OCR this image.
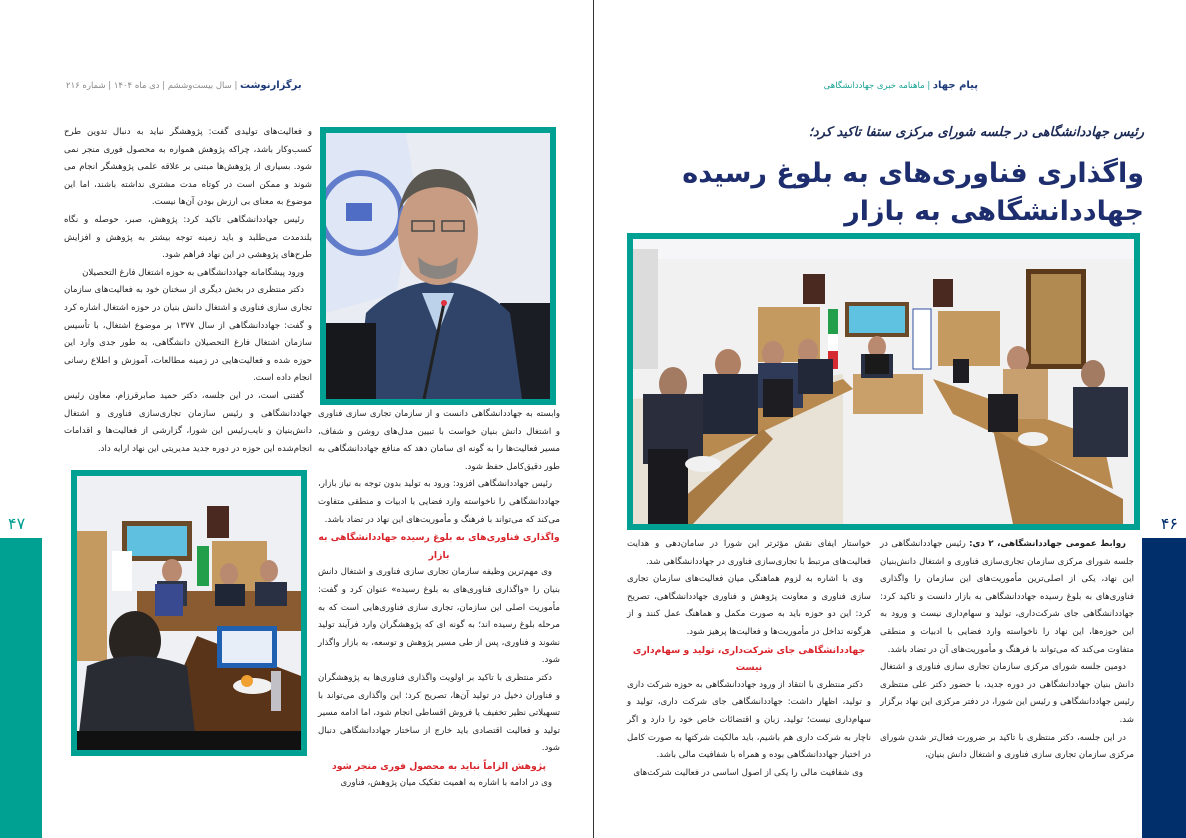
برگزارنوشت | سال بیست‌وششم | دی ماه ۱۴۰۴ | شماره ۲۱۶

و فعالیت‌های تولیدی گفت: پژوهشگر نباید به دنبال تدوین طرح کسب‌وکار باشد، چراکه پژوهش همواره به محصول فوری منجر نمی شود. بسیاری از پژوهش‌ها مبتنی بر علاقه علمی پژوهشگر انجام می شوند و ممکن است در کوتاه مدت مشتری نداشته باشند، اما این موضوع به معنای بی ارزش بودن آن‌ها نیست.

رئیس جهاددانشگاهی تاکید کرد: پژوهش، صبر، حوصله و نگاه بلندمدت می‌طلبد و باید زمینه توجه بیشتر به پژوهش و افزایش طرح‌های پژوهشی در این نهاد فراهم شود.

ورود پیشگامانه جهاددانشگاهی به حوزه اشتغال فارغ التحصیلان

دکتر منتظری در بخش دیگری از سخنان خود به فعالیت‌های سازمان تجاری سازی فناوری و اشتغال دانش بنیان در حوزه اشتغال اشاره کرد و گفت: جهاددانشگاهی از سال ۱۳۷۷ بر موضوع اشتغال، با تأسیس سازمان اشتغال فارغ التحصیلان دانشگاهی، به طور جدی وارد این حوزه شده و فعالیت‌هایی در زمینه مطالعات، آموزش و اطلاع رسانی انجام داده است.

گفتنی است، در این جلسه، دکتر حمید صابرقرزام، معاون رئیس جهاددانشگاهی و رئیس سازمان تجاری‌سازی فناوری و اشتغال دانش‌بنیان و نایب‌رئیس این شورا، گزارشی از فعالیت‌ها و اقدامات انجام‌شده این حوزه در دوره جدید مدیریتی این نهاد ارایه داد.

وابسته به جهاددانشگاهی دانست و از سازمان تجاری سازی فناوری و اشتغال دانش بنیان خواست با تبیین مدل‌های روشن و شفاف، مسیر فعالیت‌ها را به گونه ای سامان دهد که منافع جهاددانشگاهی به طور دقیق‌کامل حفظ شود.

رئیس جهاددانشگاهی افزود: ورود به تولید بدون توجه به نیاز بازار، جهاددانشگاهی را ناخواسته وارد فضایی با ادبیات و منطقی متفاوت می‌کند که می‌تواند با فرهنگ و مأموریت‌های این نهاد در تضاد باشد.

واگذاری فناوری‌های به بلوغ رسیده جهاددانشگاهی به بازار

وی مهم‌ترین وظیفه سازمان تجاری سازی فناوری و اشتغال دانش بنیان را «واگذاری فناوری‌های به بلوغ رسیده» عنوان کرد و گفت: مأموریت اصلی این سازمان، تجاری سازی فناوری‌هایی است که به مرحله بلوغ رسیده اند؛ به گونه ای که پژوهشگران وارد فرآیند تولید نشوند و فناوری، پس از طی مسیر پژوهش و توسعه، به بازار واگذار شود.

دکتر منتظری با تاکید بر اولویت واگذاری فناوری‌ها به پژوهشگران و فناوران دخیل در تولید آن‌ها، تصریح کرد: این واگذاری می‌تواند با تسهیلاتی نظیر تخفیف یا فروش اقساطی انجام شود، اما ادامه مسیر تولید و فعالیت اقتصادی باید خارج از ساختار جهاددانشگاهی دنبال شود.

پژوهش الزاماً نباید به محصول فوری منجر شود

وی در ادامه با اشاره به اهمیت تفکیک میان پژوهش، فناوری

۴۷
پیام جهاد | ماهنامه خبری جهاددانشگاهی
رئیس جهاددانشگاهی در جلسه شورای مرکزی ستفا تاکید کرد؛
واگذاری فناوری‌های به بلوغ رسیده
جهاددانشگاهی به بازار

خواستار ایفای نقش مؤثرتر این شورا در سامان‌دهی و هدایت فعالیت‌های مرتبط با تجاری‌سازی فناوری در جهاددانشگاهی شد.

وی با اشاره به لزوم هماهنگی میان فعالیت‌های سازمان تجاری سازی فناوری و معاونت پژوهش و فناوری جهاددانشگاهی، تصریح کرد: این دو حوزه باید به صورت مکمل و هماهنگ عمل کنند و از هرگونه تداخل در مأموریت‌ها و فعالیت‌ها پرهیز شود.

جهاددانشگاهی جای شرکت‌داری، تولید و سهام‌داری نیست

دکتر منتظری با انتقاد از ورود جهاددانشگاهی به حوزه شرکت داری و تولید، اظهار داشت: جهاددانشگاهی جای شرکت داری، تولید و سهام‌داری نیست؛ تولید، زبان و اقتضائات خاص خود را دارد و اگر ناچار به شرکت داری هم باشیم، باید مالکیت شرکتها به صورت کامل در اختیار جهاددانشگاهی بوده و همراه با شفافیت مالی باشد.

وی شفافیت مالی را یکی از اصول اساسی در فعالیت شرکت‌های

روابط عمومی جهاددانشگاهی، ۲ دی: رئیس جهاددانشگاهی در جلسه شورای مرکزی سازمان تجاری‌سازی فناوری و اشتغال دانش‌بنیان این نهاد، یکی از اصلی‌ترین مأموریت‌های این سازمان را واگذاری فناوری‌های به بلوغ رسیده جهاددانشگاهی به بازار دانست و تاکید کرد: جهاددانشگاهی جای شرکت‌داری، تولید و سهام‌داری نیست و ورود به این حوزه‌ها، این نهاد را ناخواسته وارد فضایی با ادبیات و منطقی متفاوت می‌کند که می‌تواند با فرهنگ و مأموریت‌های آن در تضاد باشد.

دومین جلسه شورای مرکزی سازمان تجاری سازی فناوری و اشتغال دانش بنیان جهاددانشگاهی در دوره جدید، با حضور دکتر علی منتظری رئیس جهاددانشگاهی و رئیس این شورا، در دفتر مرکزی این نهاد برگزار شد.

در این جلسه، دکتر منتظری با تاکید بر ضرورت فعال‌تر شدن شورای مرکزی سازمان تجاری سازی فناوری و اشتغال دانش بنیان،

۴۶
